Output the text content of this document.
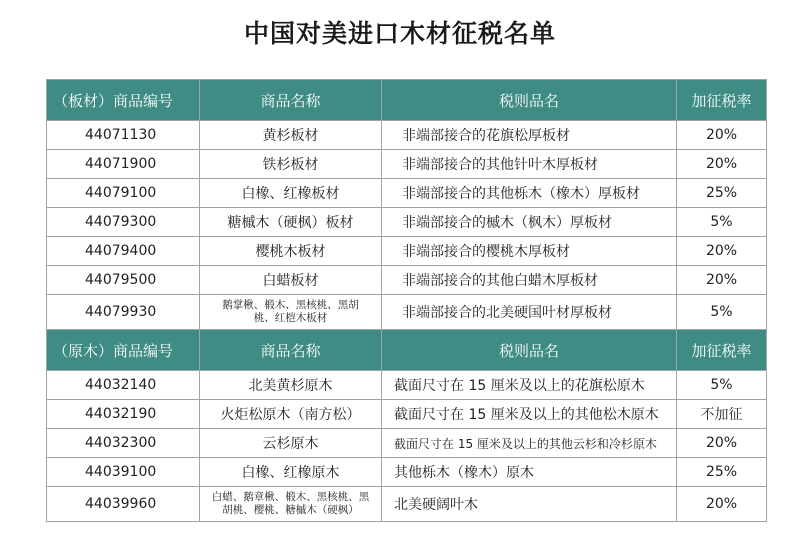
中国对美进口木材征税名单
（板材）商品编号	商品名称	税则品名	加征税率
44071130	黄杉板材	非端部接合的花旗松厚板材	20%
44071900	铁杉板材	非端部接合的其他针叶木厚板材	20%
44079100	白橡、红橡板材	非端部接合的其他栎木（橡木）厚板材	25%
44079300	糖槭木（硬枫）板材	非端部接合的槭木（枫木）厚板材	5%
44079400	樱桃木板材	非端部接合的樱桃木厚板材	20%
44079500	白蜡板材	非端部接合的其他白蜡木厚板材	20%
44079930	鹅掌楸、椴木、黑核桃、黑胡桃、红桤木板材	非端部接合的北美硬国叶材厚板材	5%
（原木）商品编号	商品名称	税则品名	加征税率
44032140	北美黄杉原木	截面尺寸在 15 厘米及以上的花旗松原木	5%
44032190	火炬松原木（南方松）	截面尺寸在 15 厘米及以上的其他松木原木	不加征
44032300	云杉原木	截面尺寸在 15 厘米及以上的其他云杉和冷杉原木	20%
44039100	白橡、红橡原木	其他栎木（橡木）原木	25%
44039960	白蜡、鹅章楸、椴木、黑核桃、黑胡桃、樱桃、糖槭木（硬枫）	北美硬阔叶木	20%
